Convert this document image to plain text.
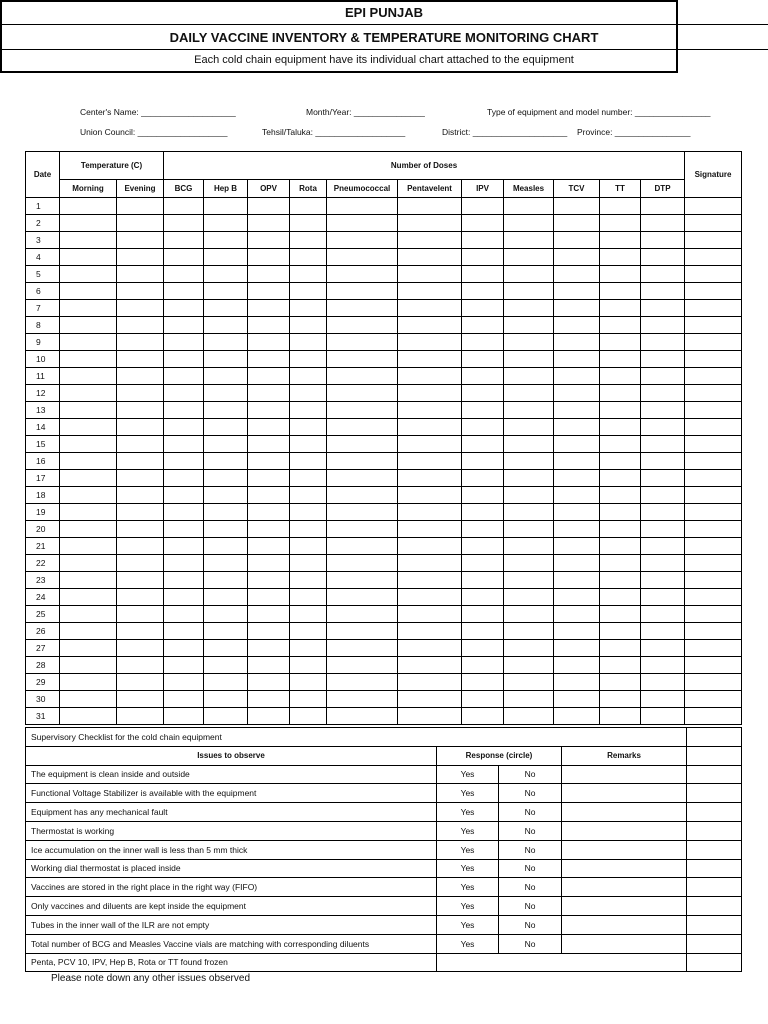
EPI PUNJAB
DAILY VACCINE INVENTORY & TEMPERATURE MONITORING CHART
Each cold chain equipment have its individual chart attached to the equipment
Center's Name: ____________________	Month/Year: _______________	Type of equipment and model number: ________________
Union Council: ___________________	Tehsil/Taluka: ___________________	District: ____________________ Province: ________________
Date	Temperature (C)		Number of Doses											Signature
	Morning	Evening	BCG	Hep B	OPV	Rota	Pneumococcal	Pentavelent	IPV	Measles	TCV	TT	DTP	
1														
2														
3														
4														
5														
6														
7														
8														
9														
10														
11														
12														
13														
14														
15														
16														
17														
18														
19														
20														
21														
22														
23														
24														
25														
26														
27														
28														
29														
30														
31														
Supervisory Checklist for the cold chain equipment				
Issues to observe	Response (circle)		Remarks	
The equipment is clean inside and outside	Yes	No		
Functional Voltage Stabilizer is available with the equipment	Yes	No		
Equipment has any mechanical fault	Yes	No		
Thermostat is working	Yes	No		
Ice accumulation on the inner wall is less than 5 mm thick	Yes	No		
Working dial thermostat is placed inside	Yes	No		
Vaccines are stored in the right place in the right way (FIFO)	Yes	No		
Only vaccines and diluents are kept inside the equipment	Yes	No		
Tubes in the inner wall of the ILR are not empty	Yes	No		
Total number of BCG and Measles Vaccine vials are matching with corresponding diluents	Yes	No		
Penta, PCV 10, IPV, Hep B, Rota or TT found frozen				
Please note down any other issues observed
